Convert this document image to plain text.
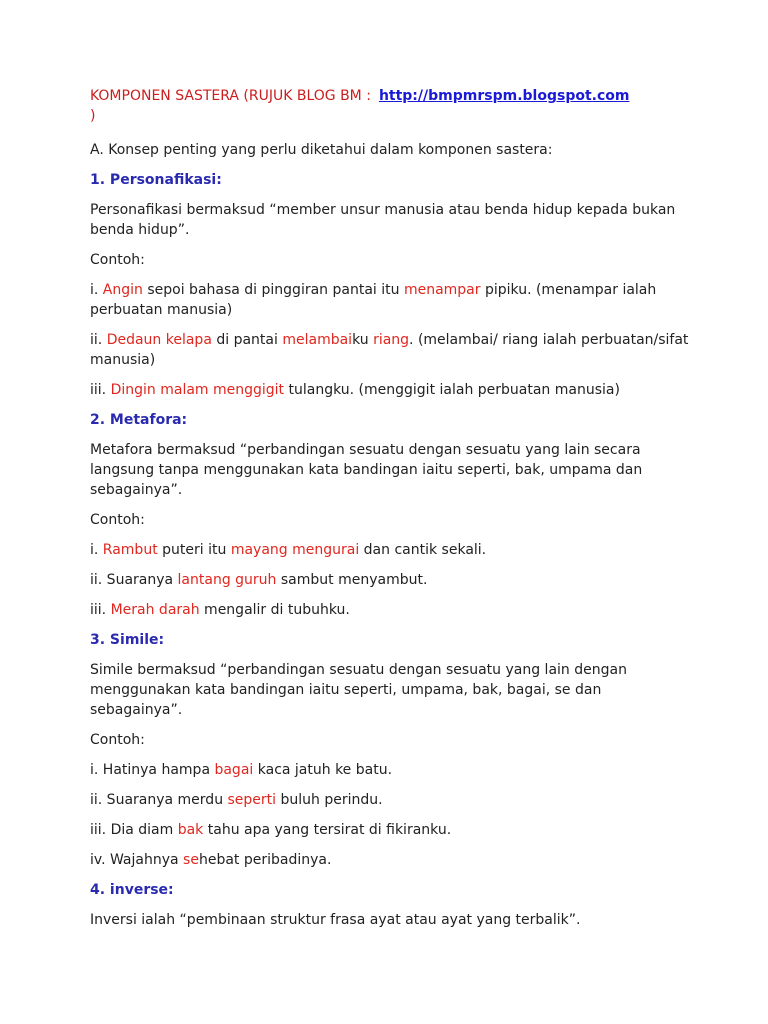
KOMPONEN SASTERA (RUJUK BLOG BM : http://bmpmrspm.blogspot.com
)

A. Konsep penting yang perlu diketahui dalam komponen sastera:

1. Personafikasi:

Personafikasi bermaksud “member unsur manusia atau benda hidup kepada bukan benda hidup”.

Contoh:

i. Angin sepoi bahasa di pinggiran pantai itu menampar pipiku. (menampar ialah perbuatan manusia)

ii. Dedaun kelapa di pantai melambaiku riang. (melambai/ riang ialah perbuatan/sifat manusia)

iii. Dingin malam menggigit tulangku. (menggigit ialah perbuatan manusia)

2. Metafora:

Metafora bermaksud “perbandingan sesuatu dengan sesuatu yang lain secara langsung tanpa menggunakan kata bandingan iaitu seperti, bak, umpama dan sebagainya”.

Contoh:

i. Rambut puteri itu mayang mengurai dan cantik sekali.

ii. Suaranya lantang guruh sambut menyambut.

iii. Merah darah mengalir di tubuhku.

3. Simile:

Simile bermaksud “perbandingan sesuatu dengan sesuatu yang lain dengan menggunakan kata bandingan iaitu seperti, umpama, bak, bagai, se dan sebagainya”.

Contoh:

i. Hatinya hampa bagai kaca jatuh ke batu.

ii. Suaranya merdu seperti buluh perindu.

iii. Dia diam bak tahu apa yang tersirat di fikiranku.

iv. Wajahnya sehebat peribadinya.

4. inverse:

Inversi ialah “pembinaan struktur frasa ayat atau ayat yang terbalik”.
